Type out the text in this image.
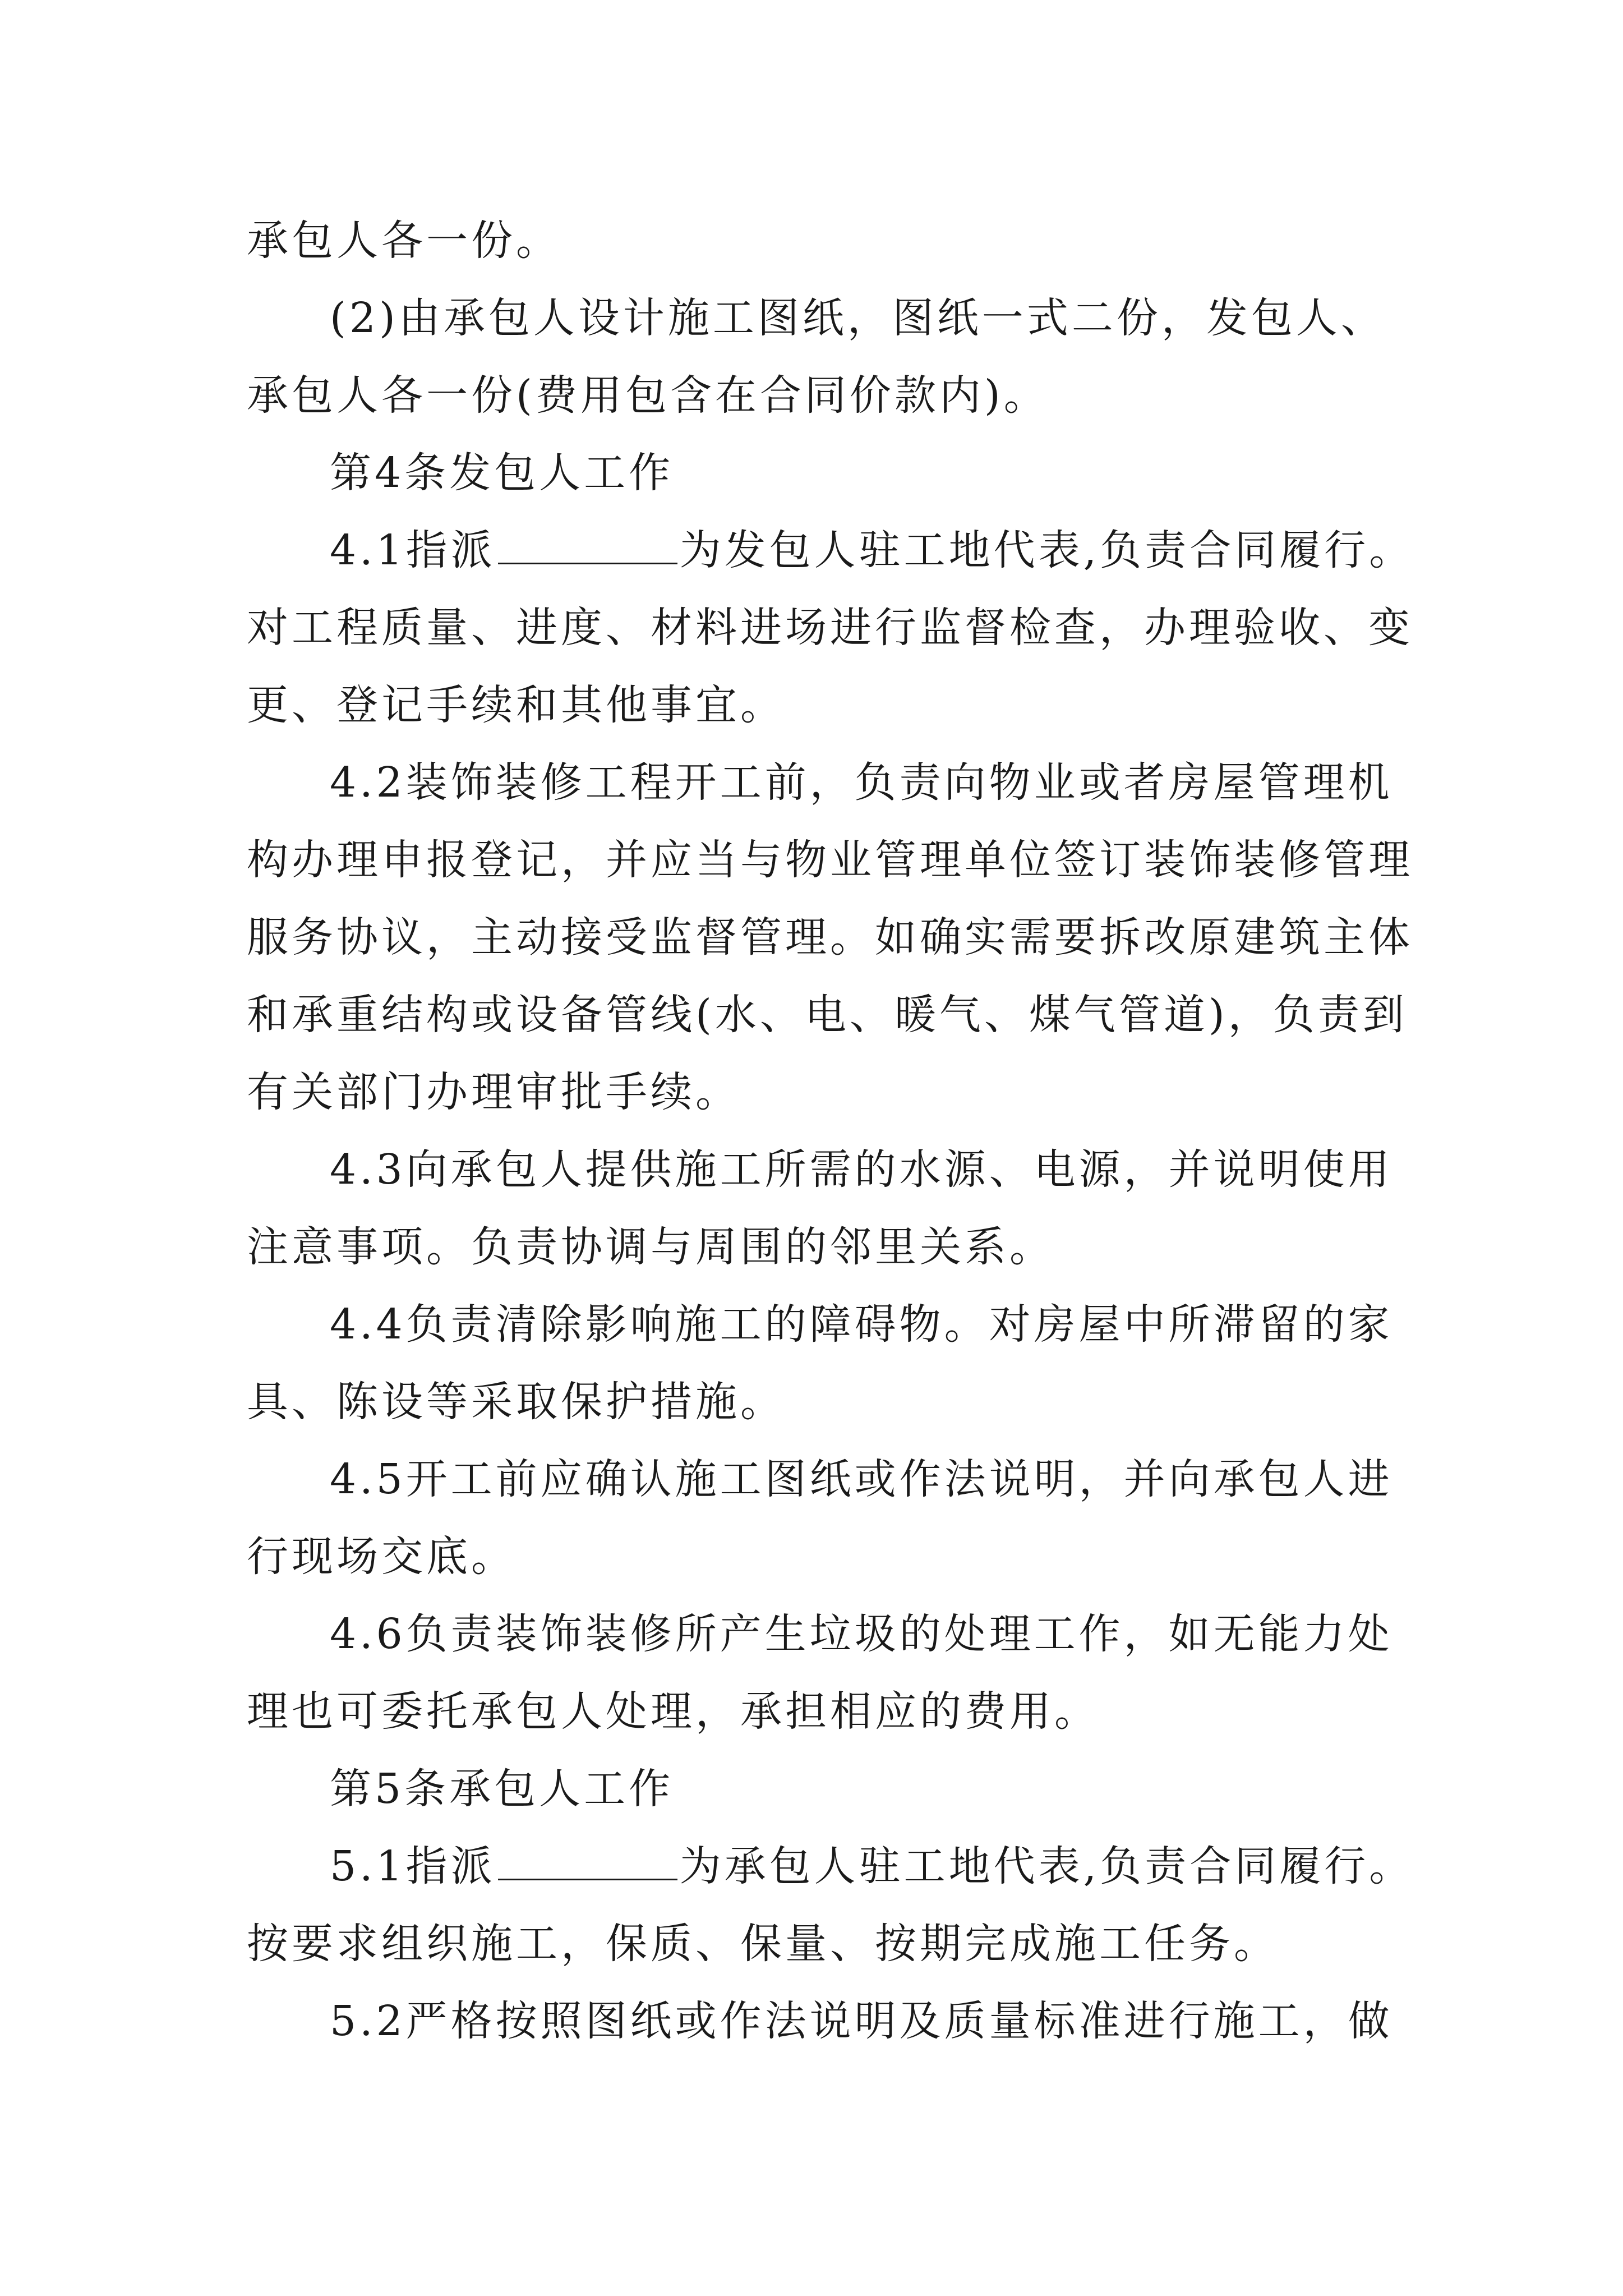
承包人各一份。
(2)由承包人设计施工图纸，图纸一式二份，发包人、
承包人各一份(费用包含在合同价款内)。
第4条发包人工作
4.1指派	为发包人驻工地代表,负责合同履行。
对工程质量、进度、材料进场进行监督检查，办理验收、变
更、登记手续和其他事宜。
4.2装饰装修工程开工前，负责向物业或者房屋管理机
构办理申报登记，并应当与物业管理单位签订装饰装修管理
服务协议，主动接受监督管理。如确实需要拆改原建筑主体
和承重结构或设备管线(水、电、暖气、煤气管道)，负责到
有关部门办理审批手续。
4.3向承包人提供施工所需的水源、电源，并说明使用
注意事项。负责协调与周围的邻里关系。
4.4负责清除影响施工的障碍物。对房屋中所滞留的家
具、陈设等采取保护措施。
4.5开工前应确认施工图纸或作法说明，并向承包人进
行现场交底。
4.6负责装饰装修所产生垃圾的处理工作，如无能力处
理也可委托承包人处理，承担相应的费用。
第5条承包人工作
5.1指派	为承包人驻工地代表,负责合同履行。
按要求组织施工，保质、保量、按期完成施工任务。
5.2严格按照图纸或作法说明及质量标准进行施工，做
